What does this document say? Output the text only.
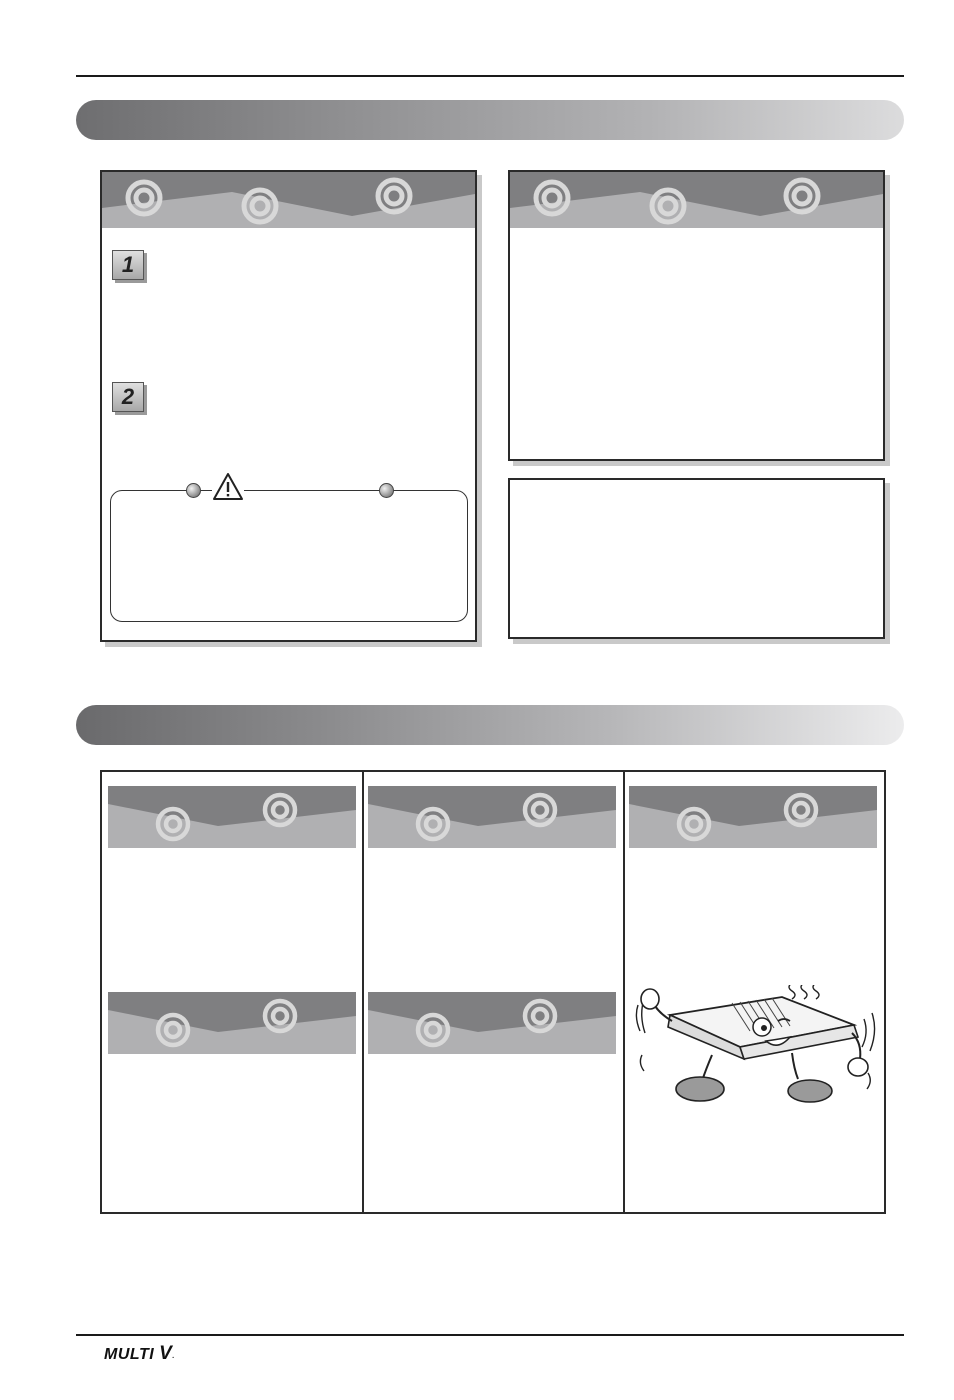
1
2
MULTI V.
